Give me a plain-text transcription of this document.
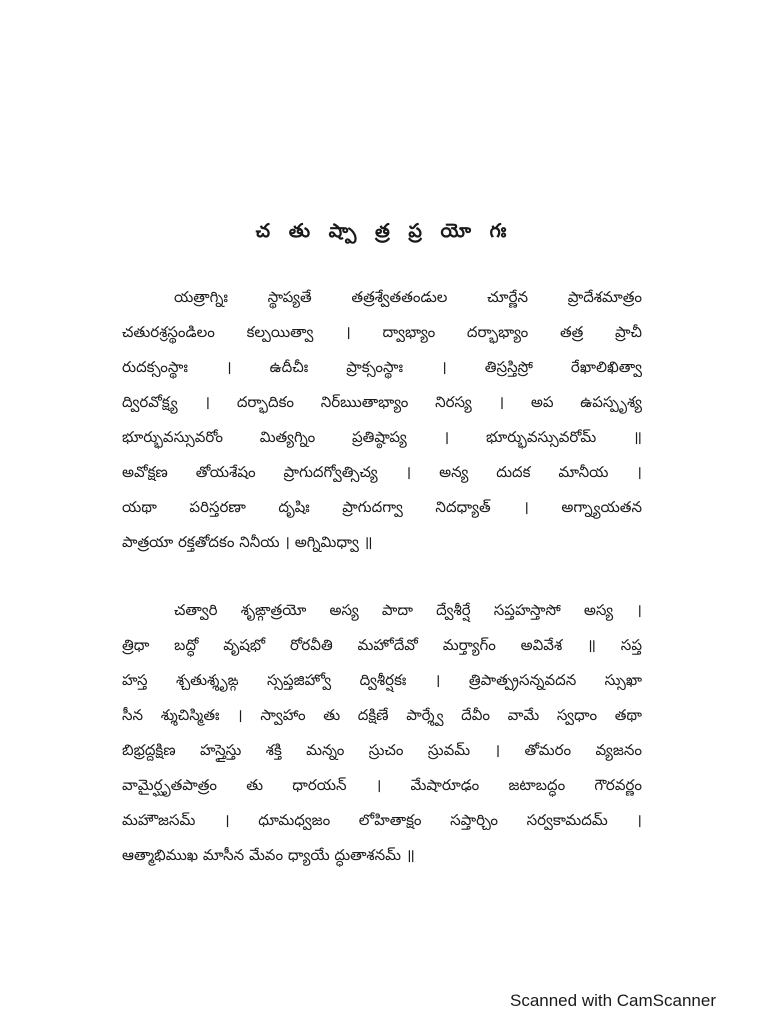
చ తు ష్పా త్ర ప్ర యో గః
యత్రాగ్నిః స్థాప్యతే తత్రశ్వేతతండుల చూర్ణేన ప్రాదేశమాత్రం
చతురశ్రస్థండిలం కల్పయిత్వా । ద్వాభ్యాం దర్భాభ్యాం తత్ర ప్రాచీ
రుదక్సంస్థాః । ఉదీచీః ప్రాక్సంస్థాః । తిస్రస్తిస్రో రేఖాలిఖిత్వా
ద్విరవోక్ష్య । దర్భాదికం నిర్ఋతాభ్యాం నిరస్య । అప ఉపస్పృశ్య
భూర్భువస్సువరోం మిత్యగ్నిం ప్రతిష్ఠాప్య । భూర్భువస్సువరోమ్ ॥
అవోక్షణ తోయశేషం ప్రాగుదగ్వోత్సిచ్య । అన్య దుదక మానీయ ।
యథా పరిస్తరణా దృషిః ప్రాగుదగ్వా నిదధ్యాత్ । అగ్న్యాయతన
పాత్రయా రక్తతోదకం నినీయ । అగ్నిమిధ్వా ॥
చత్వారి శృఙ్గాత్రయో అస్య పాదా ద్వేశీర్షే సప్తహస్తాసో అస్య ।
త్రిధా బద్ధో వృషభో రోరవీతి మహోదేవో మర్త్యాగ్ం అవివేశ ॥ సప్త
హస్త శ్చతుశ్శృఙ్గ స్సప్తజిహ్వో ద్విశీర్షకః । త్రిపాత్ప్రసన్నవదన స్సుఖా
సీన శ్శుచిస్మితః । స్వాహాం తు దక్షిణే పార్శ్వే దేవీం వామే స్వధాం తథా
బిభ్రద్దక్షిణ హస్తైస్తు శక్తి మన్నం స్రుచం స్రువమ్ । తోమరం వ్యజనం
వామైర్ఘృతపాత్రం తు ధారయన్ । మేషారూఢం జటాబద్ధం గౌరవర్ణం
మహౌజసమ్ । ధూమధ్వజం లోహితాక్షం సప్తార్చిం సర్వకామదమ్ ।
ఆత్మాభిముఖ మాసీన మేవం ధ్యాయే ద్ధుతాశనమ్ ॥
Scanned with CamScanner
